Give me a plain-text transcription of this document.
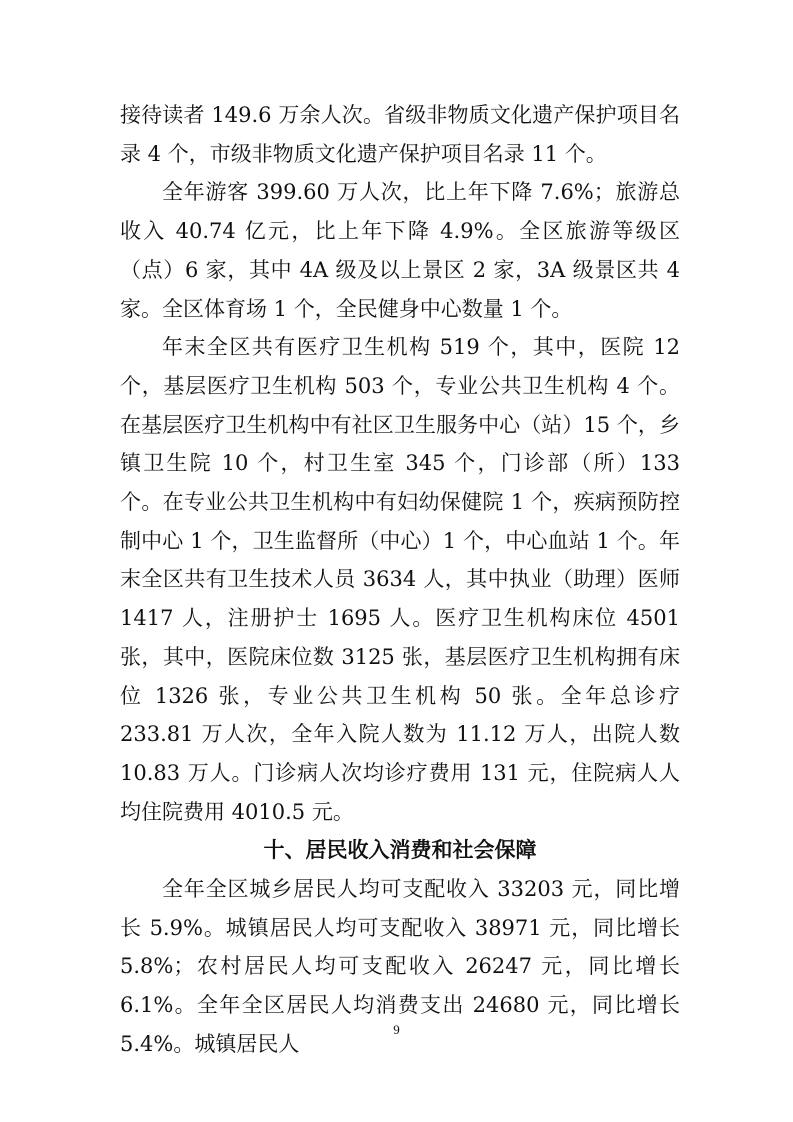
接待读者 149.6 万余人次。省级非物质文化遗产保护项目名录 4 个，市级非物质文化遗产保护项目名录 11 个。

全年游客 399.60 万人次，比上年下降 7.6%；旅游总收入 40.74 亿元，比上年下降 4.9%。全区旅游等级区（点）6 家，其中 4A 级及以上景区 2 家，3A 级景区共 4 家。全区体育场 1 个，全民健身中心数量 1 个。

年末全区共有医疗卫生机构 519 个，其中，医院 12 个，基层医疗卫生机构 503 个，专业公共卫生机构 4 个。在基层医疗卫生机构中有社区卫生服务中心（站）15 个，乡镇卫生院 10 个，村卫生室 345 个，门诊部（所）133 个。在专业公共卫生机构中有妇幼保健院 1 个，疾病预防控制中心 1 个，卫生监督所（中心）1 个，中心血站 1 个。年末全区共有卫生技术人员 3634 人，其中执业（助理）医师 1417 人，注册护士 1695 人。医疗卫生机构床位 4501 张，其中，医院床位数 3125 张，基层医疗卫生机构拥有床位 1326 张，专业公共卫生机构 50 张。全年总诊疗 233.81 万人次，全年入院人数为 11.12 万人，出院人数 10.83 万人。门诊病人次均诊疗费用 131 元，住院病人人均住院费用 4010.5 元。

十、居民收入消费和社会保障

全年全区城乡居民人均可支配收入 33203 元，同比增长 5.9%。城镇居民人均可支配收入 38971 元，同比增长 5.8%；农村居民人均可支配收入 26247 元，同比增长 6.1%。全年全区居民人均消费支出 24680 元，同比增长 5.4%。城镇居民人

9
